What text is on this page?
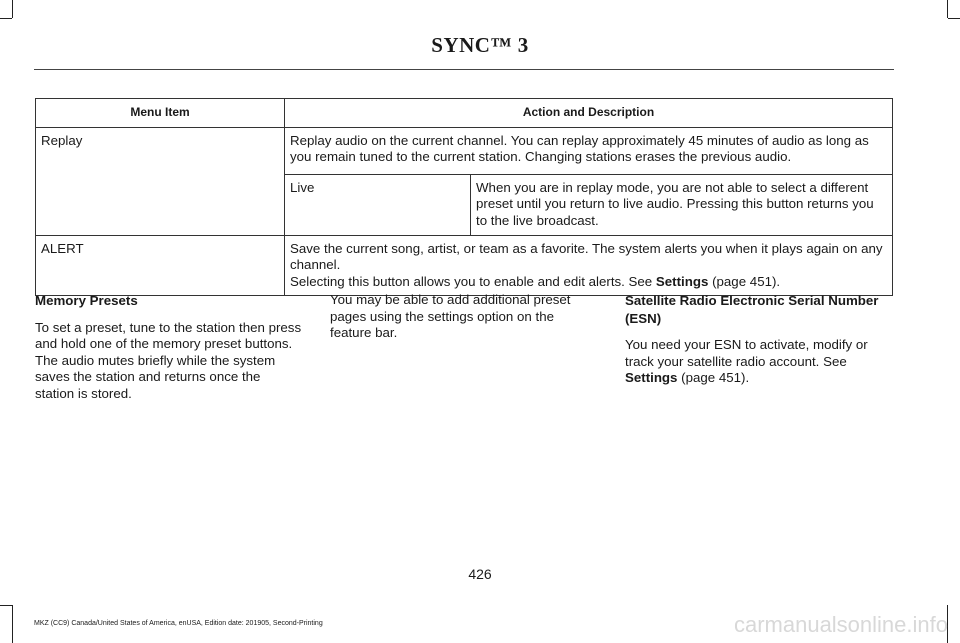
SYNC™ 3
Menu Item	Action and Description
Replay	Replay audio on the current channel. You can replay approximately 45 minutes of audio as long as you remain tuned to the current station. Changing stations erases the previous audio.
Live	When you are in replay mode, you are not able to select a different preset until you return to live audio. Pressing this button returns you to the live broadcast.

ALERT	Save the current song, artist, or team as a favorite. The system alerts you when it plays again on any channel.
Selecting this button allows you to enable and edit alerts. See Settings (page 451).
Memory Presets

To set a preset, tune to the station then press and hold one of the memory preset buttons. The audio mutes briefly while the system saves the station and returns once the station is stored.

You may be able to add additional preset pages using the settings option on the feature bar.

Satellite Radio Electronic Serial Number (ESN)

You need your ESN to activate, modify or track your satellite radio account. See
Settings (page 451).

426
MKZ (CC9) Canada/United States of America, enUSA, Edition date: 201905, Second-Printing	carmanualsonline.info
